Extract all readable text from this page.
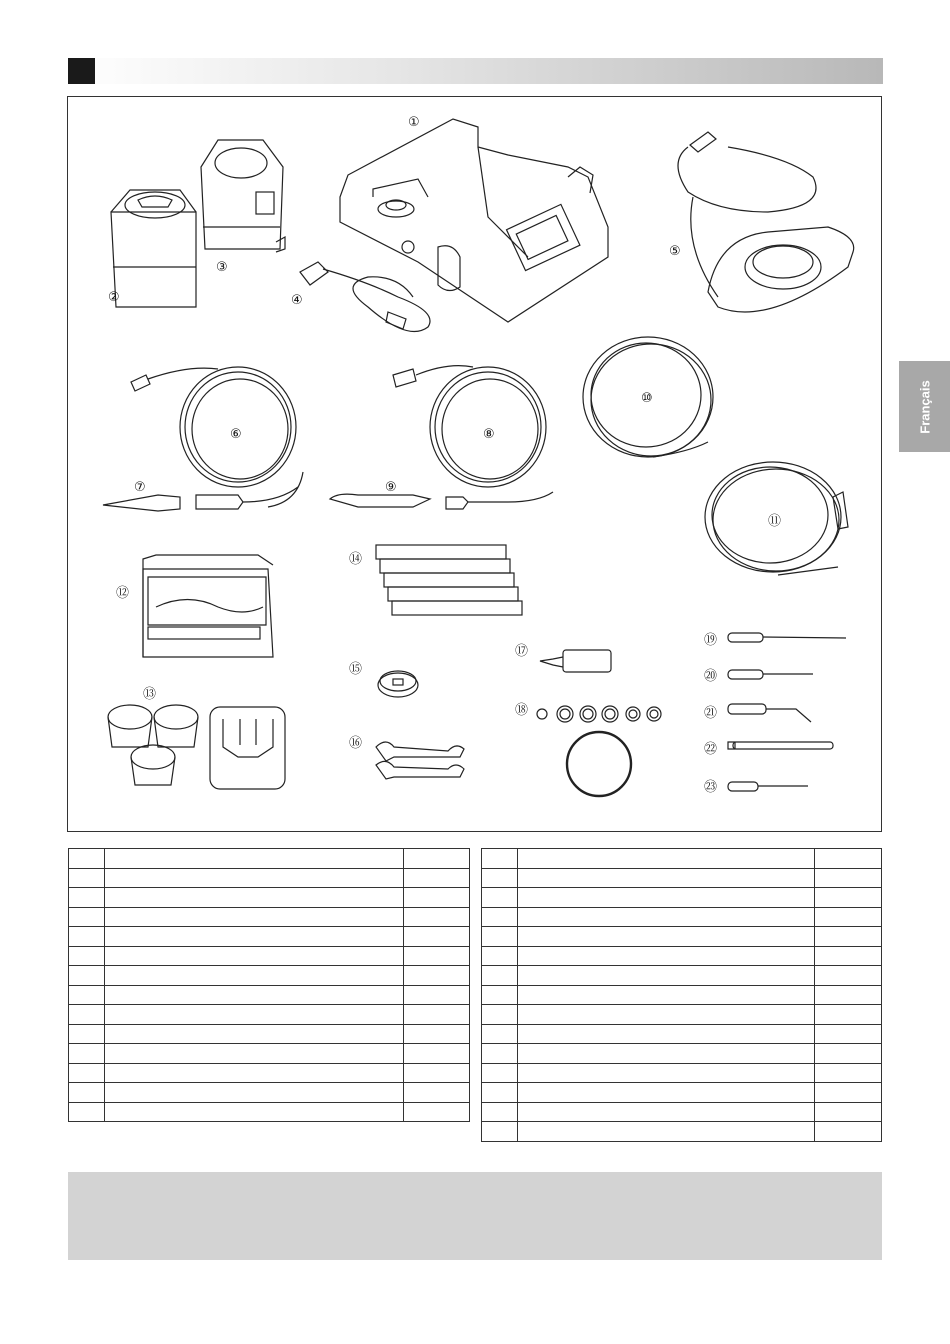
Français
①
②
③
④
⑤
⑥
⑦
⑧
⑨
⑩
⑪
⑫
⑬
⑭
⑮
⑯
⑰
⑱
⑲
⑳
㉑
㉒
㉓
